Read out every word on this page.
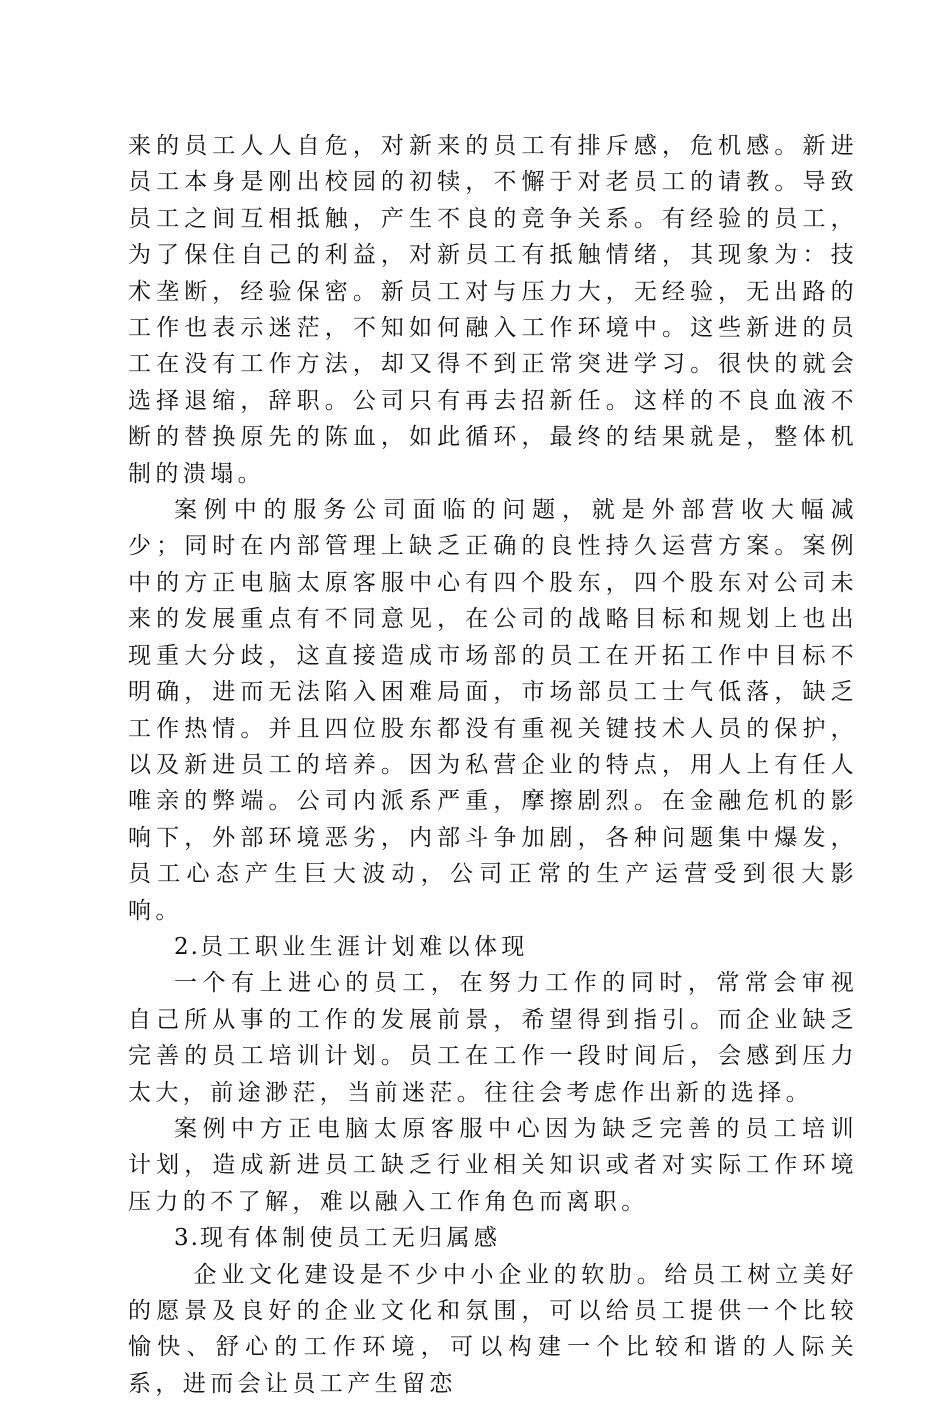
来的员工人人自危，对新来的员工有排斥感，危机感。新进员工本身是刚出校园的初犊，不懈于对老员工的请教。导致员工之间互相抵触，产生不良的竞争关系。有经验的员工，为了保住自己的利益，对新员工有抵触情绪，其现象为：技术垄断，经验保密。新员工对与压力大，无经验，无出路的工作也表示迷茫，不知如何融入工作环境中。这些新进的员工在没有工作方法，却又得不到正常突进学习。很快的就会选择退缩，辞职。公司只有再去招新任。这样的不良血液不断的替换原先的陈血，如此循环，最终的结果就是，整体机制的溃塌。

案例中的服务公司面临的问题，就是外部营收大幅减少；同时在内部管理上缺乏正确的良性持久运营方案。案例中的方正电脑太原客服中心有四个股东，四个股东对公司未来的发展重点有不同意见，在公司的战略目标和规划上也出现重大分歧，这直接造成市场部的员工在开拓工作中目标不明确，进而无法陷入困难局面，市场部员工士气低落，缺乏工作热情。并且四位股东都没有重视关键技术人员的保护，以及新进员工的培养。因为私营企业的特点，用人上有任人唯亲的弊端。公司内派系严重，摩擦剧烈。在金融危机的影响下，外部环境恶劣，内部斗争加剧，各种问题集中爆发，员工心态产生巨大波动，公司正常的生产运营受到很大影响。

2.员工职业生涯计划难以体现

一个有上进心的员工，在努力工作的同时，常常会审视自己所从事的工作的发展前景，希望得到指引。而企业缺乏完善的员工培训计划。员工在工作一段时间后，会感到压力太大，前途渺茫，当前迷茫。往往会考虑作出新的选择。

案例中方正电脑太原客服中心因为缺乏完善的员工培训计划，造成新进员工缺乏行业相关知识或者对实际工作环境压力的不了解，难以融入工作角色而离职。

3.现有体制使员工无归属感

企业文化建设是不少中小企业的软肋。给员工树立美好的愿景及良好的企业文化和氛围，可以给员工提供一个比较愉快、舒心的工作环境，可以构建一个比较和谐的人际关系，进而会让员工产生留恋
